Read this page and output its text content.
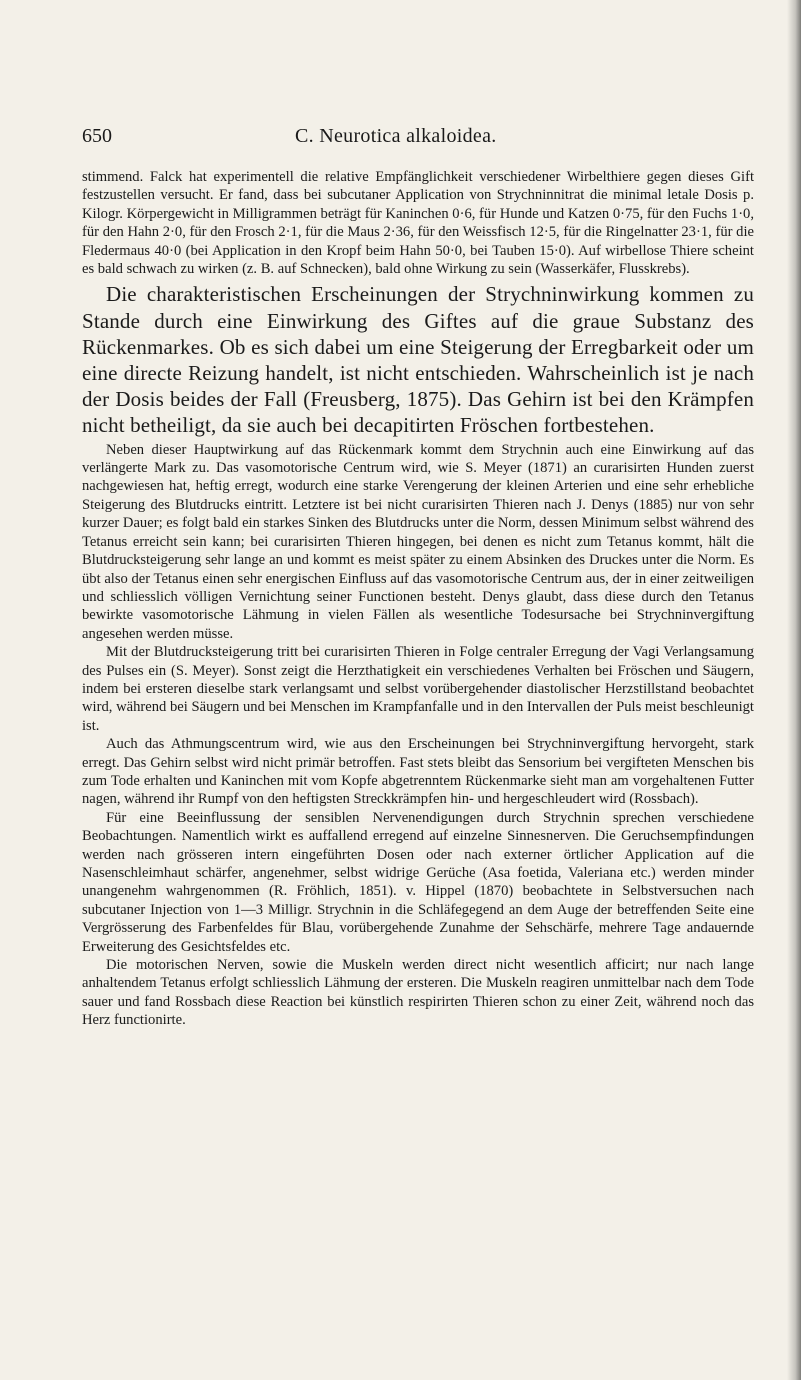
650	C. Neurotica alkaloidea.

stimmend. Falck hat experimentell die relative Empfänglichkeit verschiedener Wirbelthiere gegen dieses Gift festzustellen versucht. Er fand, dass bei subcutaner Application von Strychninnitrat die minimal letale Dosis p. Kilogr. Körpergewicht in Milligrammen beträgt für Kaninchen 0·6, für Hunde und Katzen 0·75, für den Fuchs 1·0, für den Hahn 2·0, für den Frosch 2·1, für die Maus 2·36, für den Weissfisch 12·5, für die Ringelnatter 23·1, für die Fledermaus 40·0 (bei Application in den Kropf beim Hahn 50·0, bei Tauben 15·0). Auf wirbellose Thiere scheint es bald schwach zu wirken (z. B. auf Schnecken), bald ohne Wirkung zu sein (Wasserkäfer, Flusskrebs).

Die charakteristischen Erscheinungen der Strychninwirkung kommen zu Stande durch eine Einwirkung des Giftes auf die graue Substanz des Rückenmarkes. Ob es sich dabei um eine Steigerung der Erregbarkeit oder um eine directe Reizung handelt, ist nicht entschieden. Wahrscheinlich ist je nach der Dosis beides der Fall (Freusberg, 1875). Das Gehirn ist bei den Krämpfen nicht betheiligt, da sie auch bei decapitirten Fröschen fortbestehen.

Neben dieser Hauptwirkung auf das Rückenmark kommt dem Strychnin auch eine Einwirkung auf das verlängerte Mark zu. Das vasomotorische Centrum wird, wie S. Meyer (1871) an curarisirten Hunden zuerst nachgewiesen hat, heftig erregt, wodurch eine starke Verengerung der kleinen Arterien und eine sehr erhebliche Steigerung des Blutdrucks eintritt. Letztere ist bei nicht curarisirten Thieren nach J. Denys (1885) nur von sehr kurzer Dauer; es folgt bald ein starkes Sinken des Blutdrucks unter die Norm, dessen Minimum selbst während des Tetanus erreicht sein kann; bei curarisirten Thieren hingegen, bei denen es nicht zum Tetanus kommt, hält die Blutdrucksteigerung sehr lange an und kommt es meist später zu einem Absinken des Druckes unter die Norm. Es übt also der Tetanus einen sehr energischen Einfluss auf das vasomotorische Centrum aus, der in einer zeitweiligen und schliesslich völligen Vernichtung seiner Functionen besteht. Denys glaubt, dass diese durch den Tetanus bewirkte vasomotorische Lähmung in vielen Fällen als wesentliche Todesursache bei Strychninvergiftung angesehen werden müsse.

Mit der Blutdrucksteigerung tritt bei curarisirten Thieren in Folge centraler Erregung der Vagi Verlangsamung des Pulses ein (S. Meyer). Sonst zeigt die Herzthatigkeit ein verschiedenes Verhalten bei Fröschen und Säugern, indem bei ersteren dieselbe stark verlangsamt und selbst vorübergehender diastolischer Herzstillstand beobachtet wird, während bei Säugern und bei Menschen im Krampfanfalle und in den Intervallen der Puls meist beschleunigt ist.

Auch das Athmungscentrum wird, wie aus den Erscheinungen bei Strychninvergiftung hervorgeht, stark erregt. Das Gehirn selbst wird nicht primär betroffen. Fast stets bleibt das Sensorium bei vergifteten Menschen bis zum Tode erhalten und Kaninchen mit vom Kopfe abgetrenntem Rückenmarke sieht man am vorgehaltenen Futter nagen, während ihr Rumpf von den heftigsten Streckkrämpfen hin- und hergeschleudert wird (Rossbach).

Für eine Beeinflussung der sensiblen Nervenendigungen durch Strychnin sprechen verschiedene Beobachtungen. Namentlich wirkt es auffallend erregend auf einzelne Sinnesnerven. Die Geruchsempfindungen werden nach grösseren intern eingeführten Dosen oder nach externer örtlicher Application auf die Nasenschleimhaut schärfer, angenehmer, selbst widrige Gerüche (Asa foetida, Valeriana etc.) werden minder unangenehm wahrgenommen (R. Fröhlich, 1851). v. Hippel (1870) beobachtete in Selbstversuchen nach subcutaner Injection von 1—3 Milligr. Strychnin in die Schläfegegend an dem Auge der betreffenden Seite eine Vergrösserung des Farbenfeldes für Blau, vorübergehende Zunahme der Sehschärfe, mehrere Tage andauernde Erweiterung des Gesichtsfeldes etc.

Die motorischen Nerven, sowie die Muskeln werden direct nicht wesentlich afficirt; nur nach lange anhaltendem Tetanus erfolgt schliesslich Lähmung der ersteren. Die Muskeln reagiren unmittelbar nach dem Tode sauer und fand Rossbach diese Reaction bei künstlich respirirten Thieren schon zu einer Zeit, während noch das Herz functionirte.
